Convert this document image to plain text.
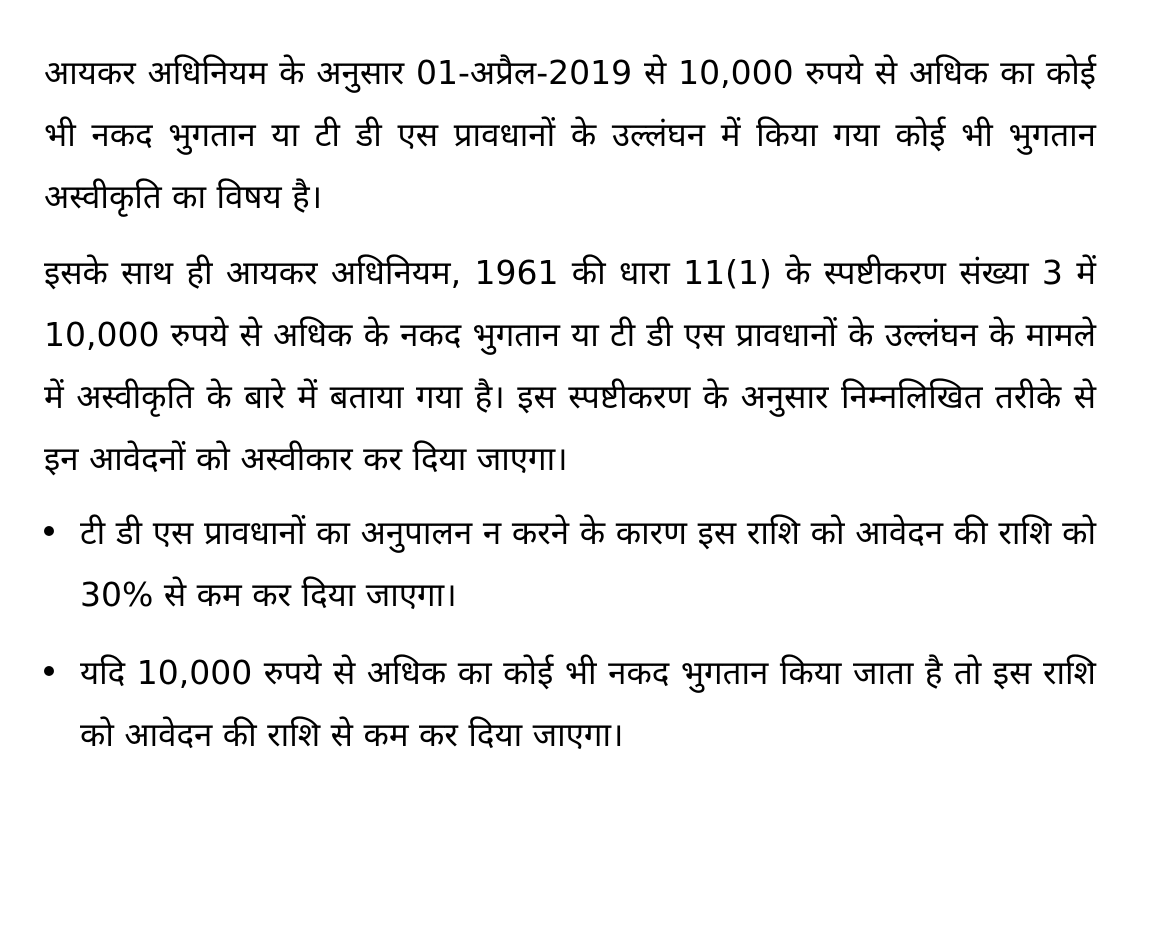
आयकर अधिनियम के अनुसार 01-अप्रैल-2019 से 10,000 रुपये से अधिक का कोई भी नकद भुगतान या टी डी एस प्रावधानों के उल्लंघन में किया गया कोई भी भुगतान अस्वीकृति का विषय है।

इसके साथ ही आयकर अधिनियम, 1961 की धारा 11(1) के स्पष्टीकरण संख्या 3 में 10,000 रुपये से अधिक के नकद भुगतान या टी डी एस प्रावधानों के उल्लंघन के मामले में अस्वीकृति के बारे में बताया गया है। इस स्पष्टीकरण के अनुसार निम्नलिखित तरीके से इन आवेदनों को अस्वीकार कर दिया जाएगा।

टी डी एस प्रावधानों का अनुपालन न करने के कारण इस राशि को आवेदन की राशि को 30% से कम कर दिया जाएगा।
यदि 10,000 रुपये से अधिक का कोई भी नकद भुगतान किया जाता है तो इस राशि को आवेदन की राशि से कम कर दिया जाएगा।
